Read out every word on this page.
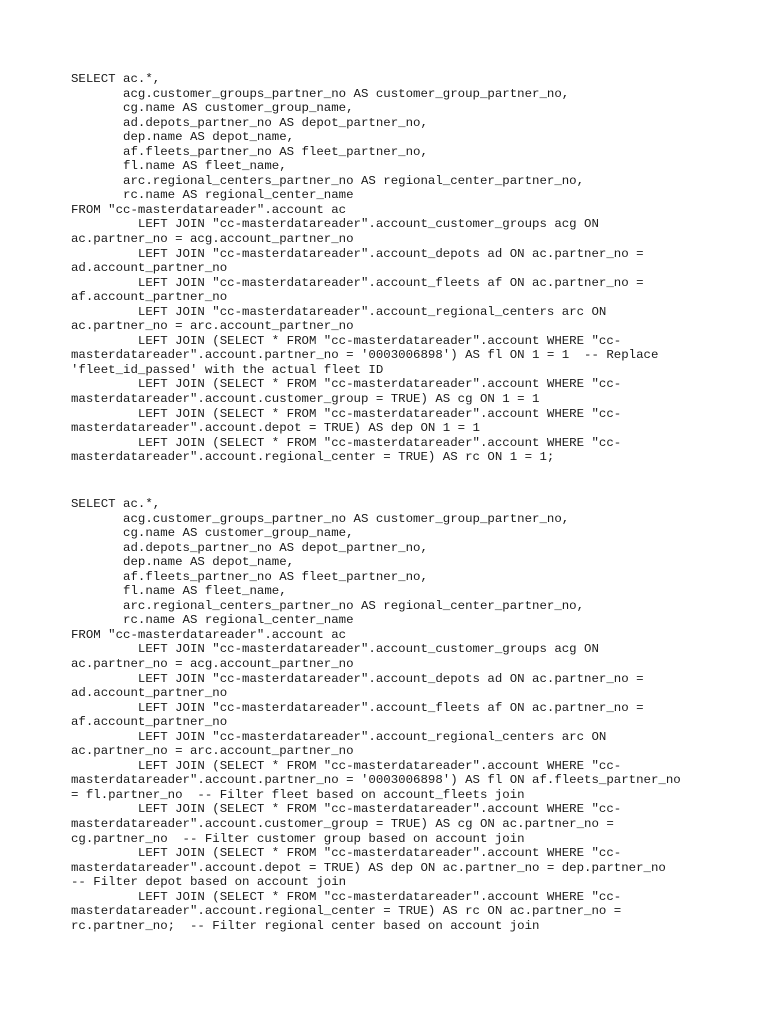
SELECT ac.*,
acg.customer_groups_partner_no AS customer_group_partner_no,
cg.name AS customer_group_name,
ad.depots_partner_no AS depot_partner_no,
dep.name AS depot_name,
af.fleets_partner_no AS fleet_partner_no,
fl.name AS fleet_name,
arc.regional_centers_partner_no AS regional_center_partner_no,
rc.name AS regional_center_name
FROM "cc-masterdatareader".account ac
LEFT JOIN "cc-masterdatareader".account_customer_groups acg ON
ac.partner_no = acg.account_partner_no
LEFT JOIN "cc-masterdatareader".account_depots ad ON ac.partner_no =
ad.account_partner_no
LEFT JOIN "cc-masterdatareader".account_fleets af ON ac.partner_no =
af.account_partner_no
LEFT JOIN "cc-masterdatareader".account_regional_centers arc ON
ac.partner_no = arc.account_partner_no
LEFT JOIN (SELECT * FROM "cc-masterdatareader".account WHERE "cc-
masterdatareader".account.partner_no = '0003006898') AS fl ON 1 = 1  -- Replace
'fleet_id_passed' with the actual fleet ID
LEFT JOIN (SELECT * FROM "cc-masterdatareader".account WHERE "cc-
masterdatareader".account.customer_group = TRUE) AS cg ON 1 = 1
LEFT JOIN (SELECT * FROM "cc-masterdatareader".account WHERE "cc-
masterdatareader".account.depot = TRUE) AS dep ON 1 = 1
LEFT JOIN (SELECT * FROM "cc-masterdatareader".account WHERE "cc-
masterdatareader".account.regional_center = TRUE) AS rc ON 1 = 1;
SELECT ac.*,
acg.customer_groups_partner_no AS customer_group_partner_no,
cg.name AS customer_group_name,
ad.depots_partner_no AS depot_partner_no,
dep.name AS depot_name,
af.fleets_partner_no AS fleet_partner_no,
fl.name AS fleet_name,
arc.regional_centers_partner_no AS regional_center_partner_no,
rc.name AS regional_center_name
FROM "cc-masterdatareader".account ac
LEFT JOIN "cc-masterdatareader".account_customer_groups acg ON
ac.partner_no = acg.account_partner_no
LEFT JOIN "cc-masterdatareader".account_depots ad ON ac.partner_no =
ad.account_partner_no
LEFT JOIN "cc-masterdatareader".account_fleets af ON ac.partner_no =
af.account_partner_no
LEFT JOIN "cc-masterdatareader".account_regional_centers arc ON
ac.partner_no = arc.account_partner_no
LEFT JOIN (SELECT * FROM "cc-masterdatareader".account WHERE "cc-
masterdatareader".account.partner_no = '0003006898') AS fl ON af.fleets_partner_no
= fl.partner_no  -- Filter fleet based on account_fleets join
LEFT JOIN (SELECT * FROM "cc-masterdatareader".account WHERE "cc-
masterdatareader".account.customer_group = TRUE) AS cg ON ac.partner_no =
cg.partner_no  -- Filter customer group based on account join
LEFT JOIN (SELECT * FROM "cc-masterdatareader".account WHERE "cc-
masterdatareader".account.depot = TRUE) AS dep ON ac.partner_no = dep.partner_no
-- Filter depot based on account join
LEFT JOIN (SELECT * FROM "cc-masterdatareader".account WHERE "cc-
masterdatareader".account.regional_center = TRUE) AS rc ON ac.partner_no =
rc.partner_no;  -- Filter regional center based on account join
